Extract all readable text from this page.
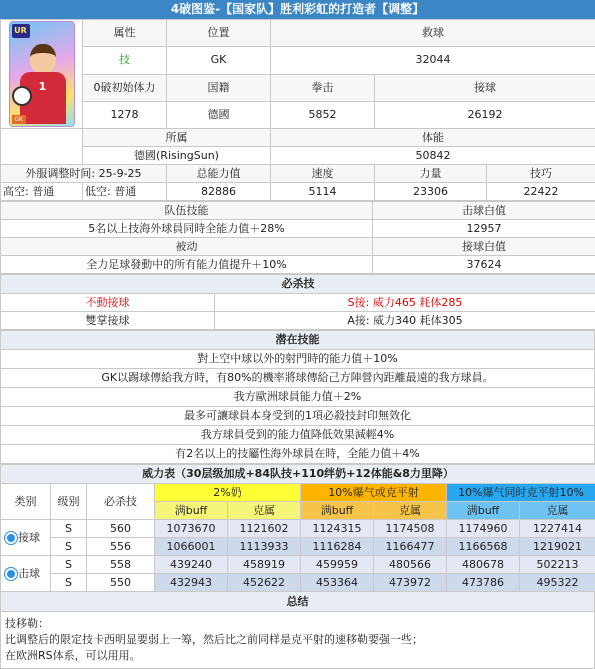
4破图鉴-【国家队】胜利彩虹的打造者【调整】
UR
1
GK	属性	位置	救球		
	技	GK	32044		
	0破初始体力	国籍	拳击	接球	
	1278	德國	5852	26192	
	所属		体能		
	德國(RisingSun)		50842		
外服调整时间: 25-9-25		总能力值	速度	力量	技巧
高空: 普通	低空: 普通	82886	5114	23306	22422
队伍技能	击球白值
5名以上技海外球員同時全能力值＋28%	12957
被动	接球白值
全力足球發動中的所有能力值提升＋10%	37624
必杀技	
不動接球	S接: 威力465 耗体285
雙掌接球	A接: 威力340 耗体305
潜在技能
對上空中球以外的射門時的能力值＋10%
GK以踢球傳給我方時，有80%的機率將球傳給己方陣營內距離最遠的我方球員。
我方歐洲球員能力值＋2%
最多可讓球員本身受到的1項必殺技封印無效化
我方球員受到的能力值降低效果減輕4%
有2名以上的技屬性海外球員在時，全能力值＋4%
威力表（30层级加成+84队技+110绊奶+12体能&8力里降）								
类别	级别	必杀技	2%奶		10%爆气或克平射		10%爆气同时克平射10%	
			满buff	克属	满buff	克属	满buff	克属
接球	S	560	1073670	1121602	1124315	1174508	1174960	1227414
	S	556	1066001	1113933	1116284	1166477	1166568	1219021
击球	S	558	439240	458919	459959	480566	480678	502213
	S	550	432943	452622	453364	473972	473786	495322
总结
技移勒：
比调整后的限定技卡西明显要弱上一筹，然后比之前同样是克平射的速移勒要强一些；
在欧洲RS体系，可以用用。
